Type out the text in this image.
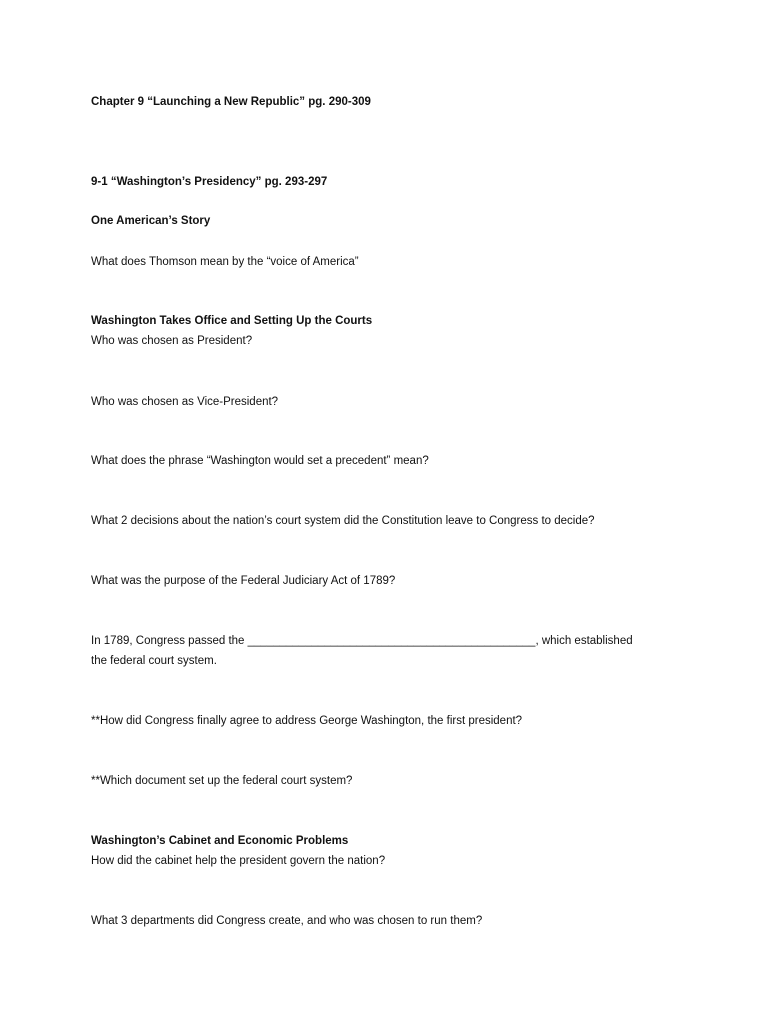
Chapter 9 “Launching a New Republic” pg. 290-309
9-1 “Washington’s Presidency” pg. 293-297
One American’s Story
What does Thomson mean by the “voice of America”
Washington Takes Office and Setting Up the Courts
Who was chosen as President?
Who was chosen as Vice-President?
What does the phrase “Washington would set a precedent” mean?
What 2 decisions about the nation’s court system did the Constitution leave to Congress to decide?
What was the purpose of the Federal Judiciary Act of 1789?
In 1789, Congress passed the _____________________________________________, which established
the federal court system.
**How did Congress finally agree to address George Washington, the first president?
**Which document set up the federal court system?
Washington’s Cabinet and Economic Problems
How did the cabinet help the president govern the nation?
What 3 departments did Congress create, and who was chosen to run them?
